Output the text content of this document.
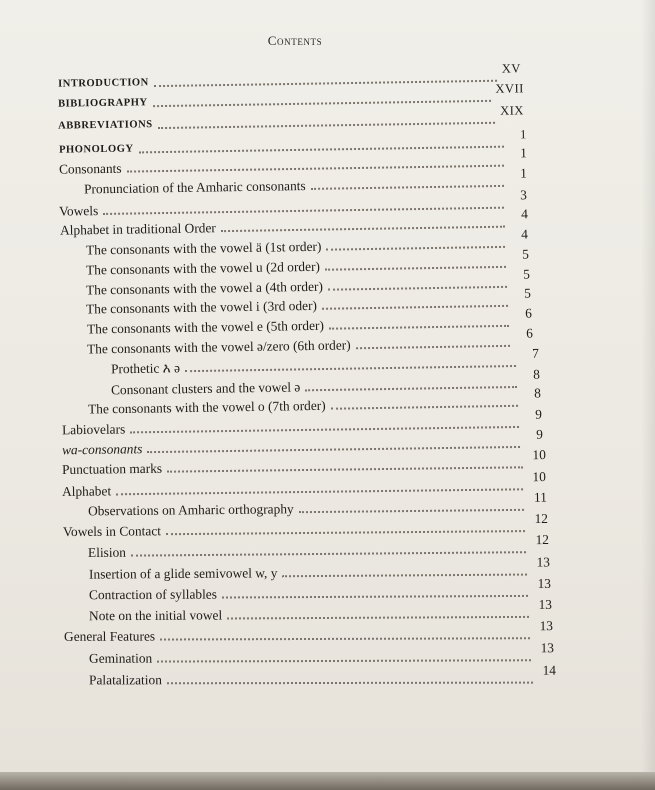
Contents
INTRODUCTION
XV
BIBLIOGRAPHY
XVII
ABBREVIATIONS
XIX
PHONOLOGY
1
Consonants
1
Pronunciation of the Amharic consonants
1
Vowels
3
Alphabet in traditional Order
4
The consonants with the vowel ä (1st order)
4
The consonants with the vowel u (2d order)
5
The consonants with the vowel a (4th order)
5
The consonants with the vowel i (3rd oder)
5
The consonants with the vowel e (5th order)
6
The consonants with the vowel ə/zero (6th order)
6
Prothetic እ ə
7
Consonant clusters and the vowel ə
8
The consonants with the vowel o (7th order)
8
Labiovelars
9
wa-consonants
9
Punctuation marks
10
Alphabet
10
Observations on Amharic orthography
11
Vowels in Contact
12
Elision
12
Insertion of a glide semivowel w, y
13
Contraction of syllables
13
Note on the initial vowel
13
General Features
13
Gemination
13
Palatalization
14
